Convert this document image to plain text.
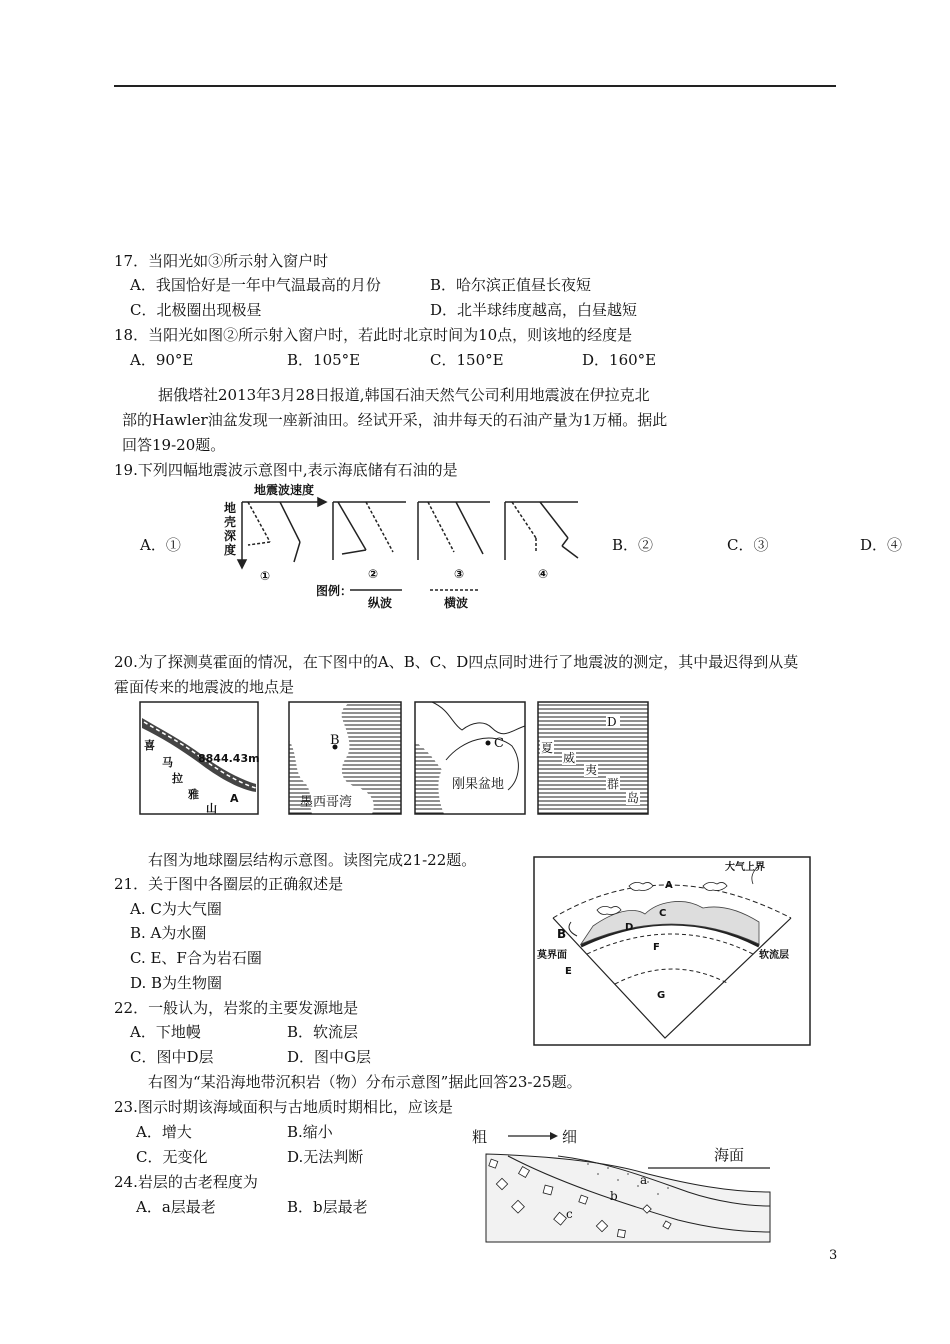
17．当阳光如③所示射入窗户时
A．我国恰好是一年中气温最高的月份	B．哈尔滨正值昼长夜短
C．北极圈出现极昼	D．北半球纬度越高，白昼越短
18．当阳光如图②所示射入窗户时，若此时北京时间为10点，则该地的经度是
A．90°E	B．105°E	C．150°E	D．160°E
据俄塔社2013年3月28日报道,韩国石油天然气公司利用地震波在伊拉克北
部的Hawler油盆发现一座新油田。经试开采，油井每天的石油产量为1万桶。据此
回答19-20题。
19.下列四幅地震波示意图中,表示海底储有石油的是
A．①	B．②	C．③	D．④
地震波速度
地
壳
深
度
①	②	③	④
图例：
纵波	横波
20.为了探测莫霍面的情况，在下图中的A、B、C、D四点同时进行了地震波的测定，其中最迟得到从莫
霍面传来的地震波的地点是
喜
马
拉
雅
山
8844.43m
A
B
墨西哥湾
C
刚果盆地
D
夏
威
夷
群
岛
右图为地球圈层结构示意图。读图完成21-22题。
21．关于图中各圈层的正确叙述是
A. C为大气圈
B. A为水圈
C. E、F合为岩石圈
D. B为生物圈
大气上界
A
B
C
D
E
F
G
莫界面	软流层
22．一般认为，岩浆的主要发源地是
A．下地幔	B．软流层
C．图中D层	D．图中G层
右图为“某沿海地带沉积岩（物）分布示意图”据此回答23-25题。
23.图示时期该海域面积与古地质时期相比，应该是
A．增大	B.缩小
C．无变化	D.无法判断
粗	细
海面
a
b
c
24.岩层的古老程度为
A．a层最老	B．b层最老
3
